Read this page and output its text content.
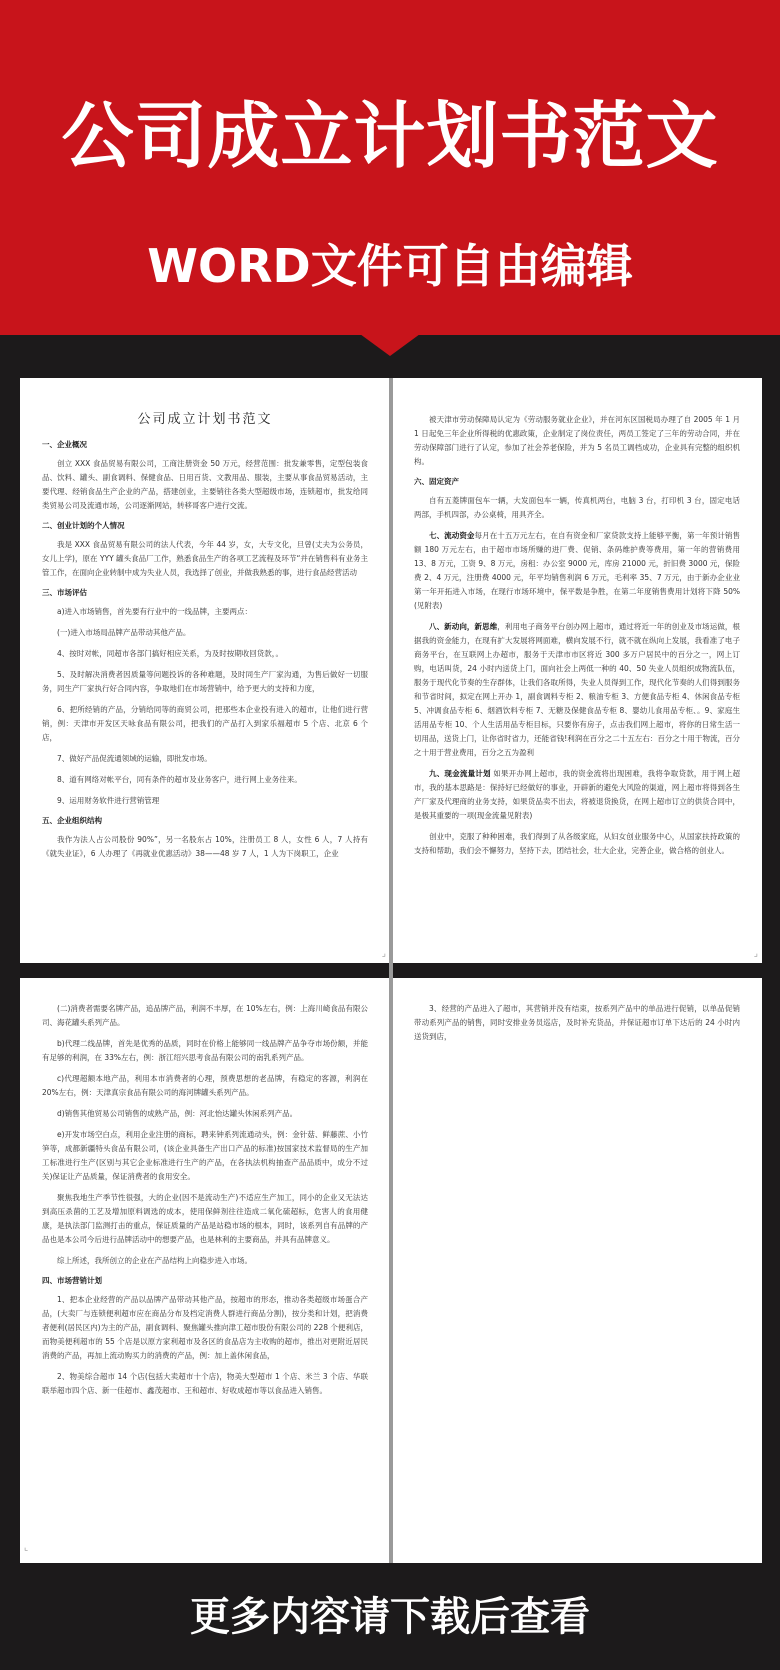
公司成立计划书范文
WORD文件可自由编辑
公司成立计划书范文
一、企业概况
创立 XXX 食品贸易有限公司，工商注册资金 50 万元，经营范围：批发兼零售，定型包装食品、饮料、罐头、副食调料、保健食品、日用百货、文教用品、服装，主要从事食品贸易活动，主要代理、经销食品生产企业的产品，搭建创业，主要销往各类大型超级市场，连锁超市，批发给同类贸易公司及流通市场，公司逐渐网站，转移哥客户进行交流。
二、创业计划的个人情况
我是 XXX 食品贸易有限公司的法人代表，今年 44 岁，女，大专文化，旦曾(丈夫为公务员，女儿上学)，原在 YYY 罐头食品厂工作，熟悉食品生产的各项工艺流程及环节“并在销售科有业务主管工作，在面向企业转制中成为失业人员，我选择了创业，并做我熟悉的事，进行食品经营活动
三、市场评估
a)进入市场销售，首先要有行业中的一线品牌，主要两点：
(一)进入市场局品牌产品带动其他产品。
4、按时对帐，同超市各部门搞好相应关系，为及时按期收回货款，。
5、及时解决消费者因质量等问题投诉的各种难题，及时同生产厂家沟通，为售后做好一切服务，同生产厂家执行好合同内容，争取地们在市场营销中，给予更大的支持和力度，
6、把所经销的产品，分销给同等的商贸公司，把那些本企业投有进入的超市，让他们进行营销，例：天津市开发区天咏食品有限公司，把我们的产品打入到家乐福超市 5 个店、北京 6 个店，
7、做好产品促流通领域的运输，即批发市场。
8、道有网络对帐平台，同有条件的超市及业务客户，进行网上业务往来。
9、运用财务软件进行营销管理
五、企业组织结构
我作为法人占公司股份 90%”，另一名股东占 10%，注册员工 8 人，女性 6 人，7 人持有《就失业证》，6 人办理了《再就业优惠活动》38——48 岁 7 人，1 人为下岗职工，企业
⌟
被天津市劳动保障局认定为《劳动服务就业企业》，并在河东区国税局办理了自 2005 年 1 月 1 日起免三年企业所得税的优惠政策，企业制定了岗位责任，两员工签定了三年的劳动合同，并在劳动保障部门进行了认定，参加了社会养老保险，并为 5 名员工调档成功，企业具有完整的组织机构。
六、固定资产
自有五菱牌面包车一辆，大发面包车一辆，传真机两台，电脑 3 台，打印机 3 台，固定电话两部，手机四部，办公桌椅，用具齐全。
七、流动资金每月在十五万元左右，在自有资金和厂家贷款支持上能够平衡，第一年预计销售额 180 万元左右，由于超市市场所赚的进厂费、促销、条码维护费等费用，第一年的营销费用 13、8 万元，工资 9、8 万元，房租：办公室 9000 元，库房 21000 元，折旧费 3000 元，保险费 2、4 万元，注册费 4000 元，年平均销售利润 6 万元，毛利率 35、7 万元，由于新办企业业第一年开拓进入市场，在现行市场环境中，保平数是争胜，在第二年度销售费用计划将下降 50%(见附表)
八、新动向，新思维，利用电子商务平台创办网上超市，通过将近一年的创业及市场运做，根据我的资金能力，在现有扩大发展将网面难，横向发展不行，就不就在纵向上发展，我看准了电子商务平台，在互联网上办超市，服务于天津市市区将近 300 多万户居民中的百分之一，网上订购，电话叫货，24 小时内送货上门，面向社会上两低一种的 40、50 失业人员组织成物流队伍，服务于现代化节奏的生存群体，让我们各取所得，失业人员得到工作，现代化节奏的人们得到服务和节省时间，拟定在网上开办 1，副食调料专柜 2、粮油专柜 3、方便食品专柜 4、休闲食品专柜 5、冲调食品专柜 6、烟酒饮料专柜 7、无糖及保健食品专柜 8、婴幼儿食用品专柜、。9、家庭生活用品专柜 10、个人生活用品专柜目标，只要你有房子，点击我们网上超市，将你的日常生活一切用品，送货上门，让你省时省力，还能省钱!利润在百分之二十五左右：百分之十用于物流，百分之十用于营业费用，百分之五为盈利
九、现金流量计划 如果开办网上超市，我的资金流将出现困难，我将争取贷款，用于网上超市，我的基本思路是：保持好已经做好的事业，开辟新的避免大风险的渠道，网上超市将得到各生产厂家及代理商的业务支持，如果货品卖不出去，将被退货换货，在网上超市订立的供货合同中，是极其重要的一项(现金流量见附表)
创业中，克服了种种困难，我们得到了从各级家庭，从妇女创业服务中心，从国家扶持政策的支持和帮助，我们会不懈努力，坚持下去，团结社会，壮大企业，完善企业，做合格的创业人。
⌟
(二)消费者需要名牌产品，追品牌产品，利润不丰厚，在 10%左右，例：上海川崎食品有限公司、海花罐头系列产品。
b)代理二线品牌，首先是优秀的品质，同时在价格上能够同一线品牌产品争夺市场份额，并能有足够的利润，在 33%左右，例：浙江绍兴思考食品有限公司的南乳系列产品。
c)代理超额本地产品，利用本市消费者的心理，预费思想的老品牌，有稳定的客源，利润在 20%左右，例：天津真宗食品有限公司的海河牌罐头系列产品。
d)销售其他贸易公司销售的成熟产品，例：河北怡达罐头休闲系列产品。
e)开发市场空白点，利用企业注册的商标，聘来钟系列流通动头，例：金针菇、鲜藤蔗、小竹笋等，成都新疆特头食品有限公司，(该企业具备生产出口产品的标准)按国家技术监督局的生产加工标准进行生产(区别与其它企业标准进行生产的产品，在各执法机构抽查产品品质中，成分不过关)保证让产品质量，保证消费者的食用安全。
聚焦我地生产季节性很强，大的企业(因不是流动生产)不适应生产加工，同小的企业又无法达到高压杀菌的工艺及增加原料调选的成本，使用保鲜剂往往造成二氧化硫超标，危害人的食用健康，是执法部门监测打击的重点，保证质量的产品是站稳市场的根本，同时，该系列自有品牌的产品也是本公司今后进行品牌活动中的想要产品，也是林利的主要商品，并具有品牌意义。
综上所述，我所创立的企业在产品结构上向稳步进入市场。
四、市场营销计划
1、把本企业经营的产品以品牌产品带动其他产品，按超市的形态，推动各类超级市场蛋合产品，(大卖厂与连锁便利超市应在商品分布及档定消费人群进行商品分割)，按分类和计划，把消费者便利(居民区内)为主的产品，副食调料、聚焦罐头推向津工超市股份有限公司的 228 个便利店，而物美便利超市的 55 个店是以原方家利超市及各区的食品店为主收购的超市，推出对更附近居民消费的产品，再加上流动购买力的消费的产品，例：加上盖休闲食品，
2、物美综合超市 14 个店(包括大卖超市十个店)，物美大型超市 1 个店、米兰 3 个店、华联联举超市四个店、新一佳超市、鑫茂超市、王和超市、好收成超市等以食品进入销售。
⌞
3、经营的产品进入了超市，其营销并没有结束，按系列产品中的单品进行促销，以单品促销带动系列产品的销售，同时安排业务员巡店，及时补充货品，并保证超市订单下达后的 24 小时内送货到店，
更多内容请下载后查看
